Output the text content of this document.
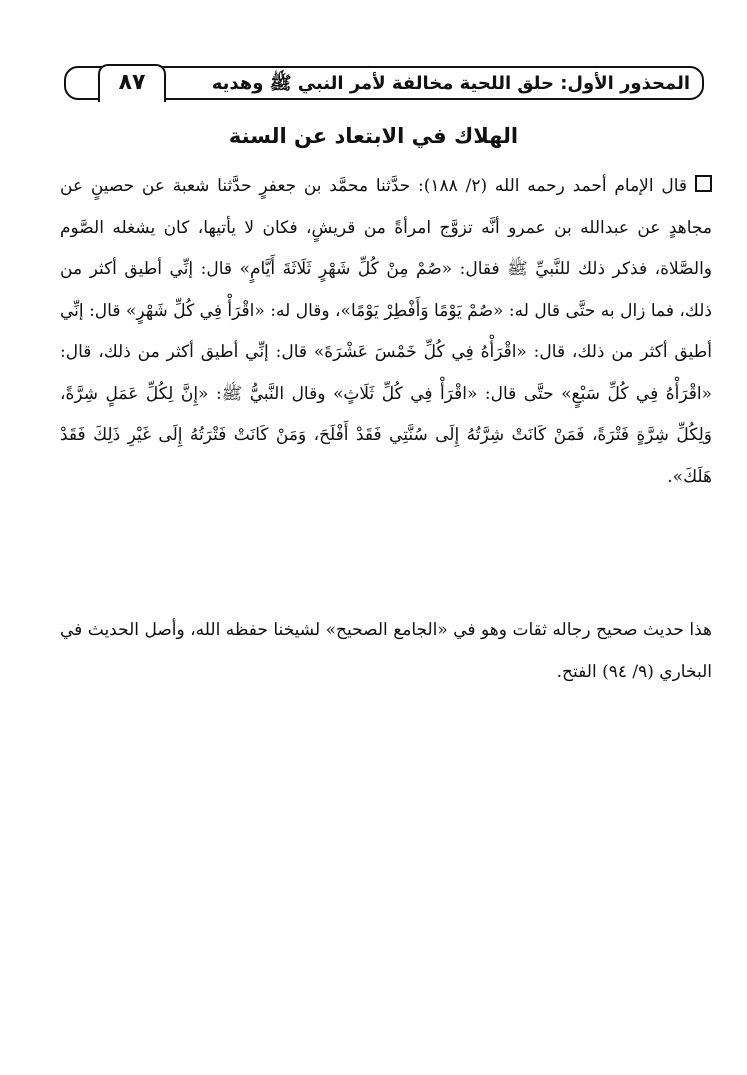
المحذور الأول: حلق اللحية مخالفة لأمر النبي ﷺ وهديه
٨٧
الهلاك في الابتعاد عن السنة
قال الإمام أحمد رحمه الله (٢/ ١٨٨): حدَّثنا محمَّد بن جعفرٍ حدَّثنا شعبة عن حصينٍ عن مجاهدٍ عن عبدالله بن عمرو أنَّه تزوَّج امرأةً من قريشٍ، فكان لا يأتيها، كان يشغله الصَّوم والصَّلاة، فذكر ذلك للنَّبيِّ ﷺ فقال: «صُمْ مِنْ كُلِّ شَهْرٍ ثَلَاثَةَ أَيَّامٍ» قال: إنِّي أطيق أكثر من ذلك، فما زال به حتَّى قال له: «صُمْ يَوْمًا وَأَفْطِرْ يَوْمًا»، وقال له: «اقْرَأْ فِي كُلِّ شَهْرٍ» قال: إنِّي أطيق أكثر من ذلك، قال: «اقْرَأْهُ فِي كُلِّ خَمْسَ عَشْرَةَ» قال: إنِّي أطيق أكثر من ذلك، قال: «اقْرَأْهُ فِي كُلِّ سَبْعٍ» حتَّى قال: «اقْرَأْ فِي كُلِّ ثَلَاثٍ» وقال النَّبيُّ ﷺ: «إِنَّ لِكُلِّ عَمَلٍ شِرَّةً، وَلِكُلِّ شِرَّةٍ فَتْرَةً، فَمَنْ كَانَتْ شِرَّتُهُ إِلَى سُنَّتِي فَقَدْ أَفْلَحَ، وَمَنْ كَانَتْ فَتْرَتُهُ إِلَى غَيْرِ ذَلِكَ فَقَدْ هَلَكَ».
هذا حديث صحيح رجاله ثقات وهو في «الجامع الصحيح» لشيخنا حفظه الله، وأصل الحديث في البخاري (٩/ ٩٤) الفتح.
